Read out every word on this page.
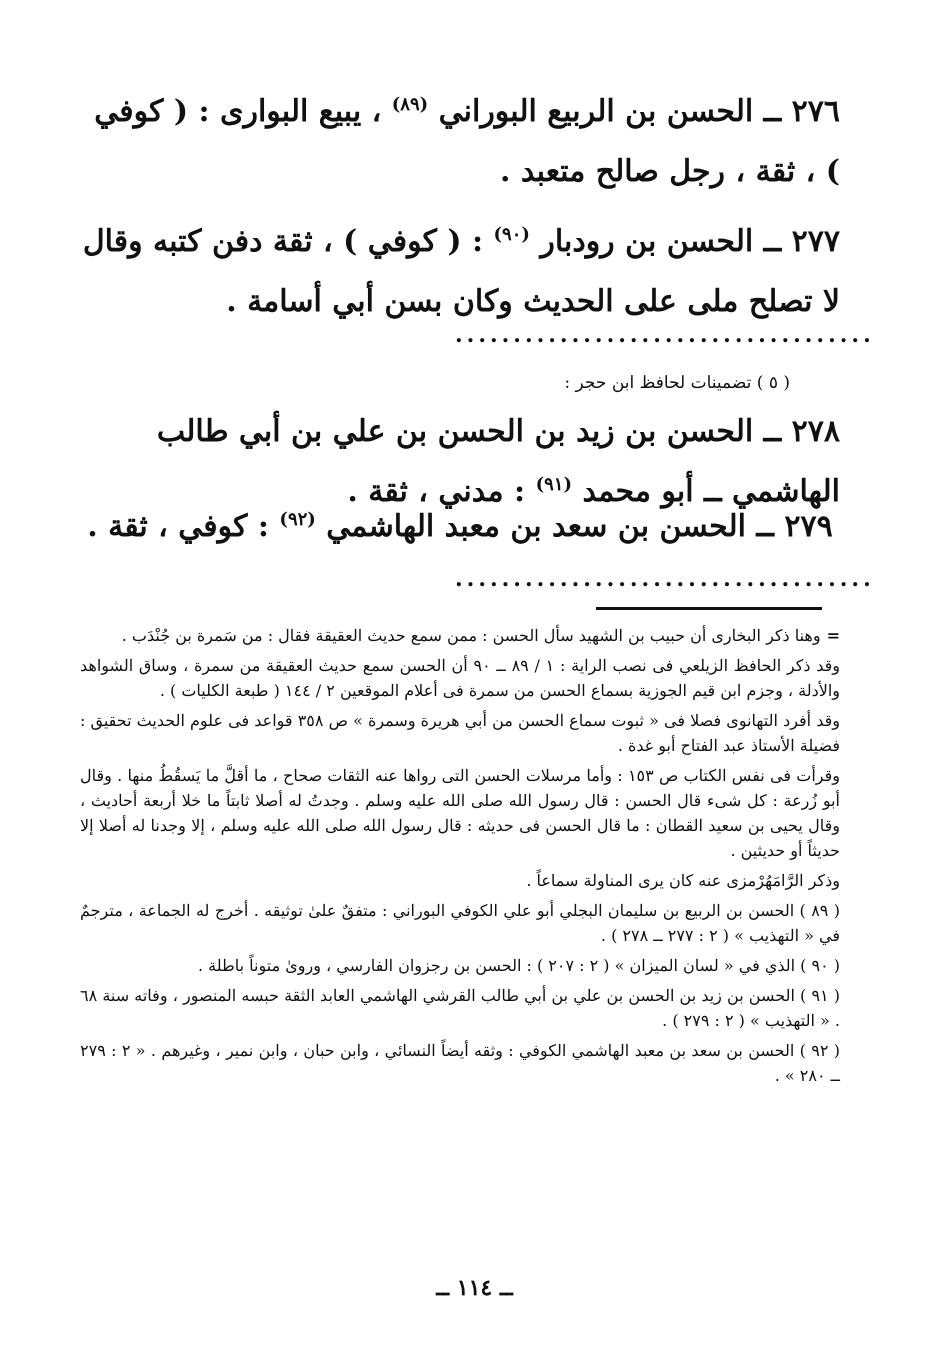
٢٧٦ ــ الحسن بن الربيع البوراني $^{(٨٩)}$ ، يبيع البوارى : ( كوفي ) ، ثقة ، رجل صالح متعبد .
٢٧٧ ــ الحسن بن رودبار $^{(٩٠)}$ : ( كوفي ) ، ثقة دفن كتبه وقال لا تصلح ملى على الحديث وكان بسن أبي أسامة .
....................................
( ٥ ) تضمينات لحافظ ابن حجر :
٢٧٨ ــ الحسن بن زيد بن الحسن بن علي بن أبي طالب الهاشمي ــ أبو محمد $^{(٩١)}$ : مدني ، ثقة .
٢٧٩ ــ الحسن بن سعد بن معبد الهاشمي $^{(٩٢)}$ : كوفي ، ثقة .
....................................

=وهنا ذكر البخارى أن حبيب بن الشهيد سأل الحسن : ممن سمع حديث العقيقة فقال : من سَمرة بن جُنْدَب .

وقد ذكر الحافظ الزيلعي فى نصب الراية : ١ / ٨٩ ــ ٩٠ أن الحسن سمع حديث العقيقة من سمرة ، وساق الشواهد والأدلة ، وجزم ابن قيم الجوزية بسماع الحسن من سمرة فى أعلام الموقعين ٢ / ١٤٤ ( طبعة الكليات ) .

وقد أفرد التهانوى فصلا فى « ثبوت سماع الحسن من أبي هريرة وسمرة » ص ٣٥٨ قواعد فى علوم الحديث تحقيق : فضيلة الأستاذ عبد الفتاح أبو غدة .

وقرأت فى نفس الكتاب ص ١٥٣ : وأما مرسلات الحسن التى رواها عنه الثقات صحاح ، ما أقلَّ ما يَسقُطُ منها . وقال أبو زُرعة : كل شىء قال الحسن : قال رسول الله صلى الله عليه وسلم . وجدتُ له أصلا ثابتاً ما خلا أربعة أحاديث ، وقال يحيى بن سعيد القطان : ما قال الحسن فى حديثه : قال رسول الله صلى الله عليه وسلم ، إلا وجدنا له أصلا إلا حديثاً أو حديثين .

وذكر الرَّامَهُرْمزى عنه كان يرى المناولة سماعاً .

( ٨٩ ) الحسن بن الربيع بن سليمان البجلي أبو علي الكوفي البوراني : متفقٌ علىٰ توثيقه . أخرج له الجماعة ، مترجمٌ في « التهذيب » ( ٢ : ٢٧٧ ــ ٢٧٨ ) .

( ٩٠ ) الذي في « لسان الميزان » ( ٢ : ٢٠٧ ) : الحسن بن رجزوان الفارسي ، وروىٰ متوناً باطلة .

( ٩١ ) الحسن بن زيد بن الحسن بن علي بن أبي طالب القرشي الهاشمي العابد الثقة حبسه المنصور ، وفاته سنة ٦٨ . « التهذيب » ( ٢ : ٢٧٩ ) .

( ٩٢ ) الحسن بن سعد بن معبد الهاشمي الكوفي : وثقه أيضاً النسائي ، وابن حبان ، وابن نمير ، وغيرهم . « ٢ : ٢٧٩ ــ ٢٨٠ » .

ــ ١١٤ ــ
